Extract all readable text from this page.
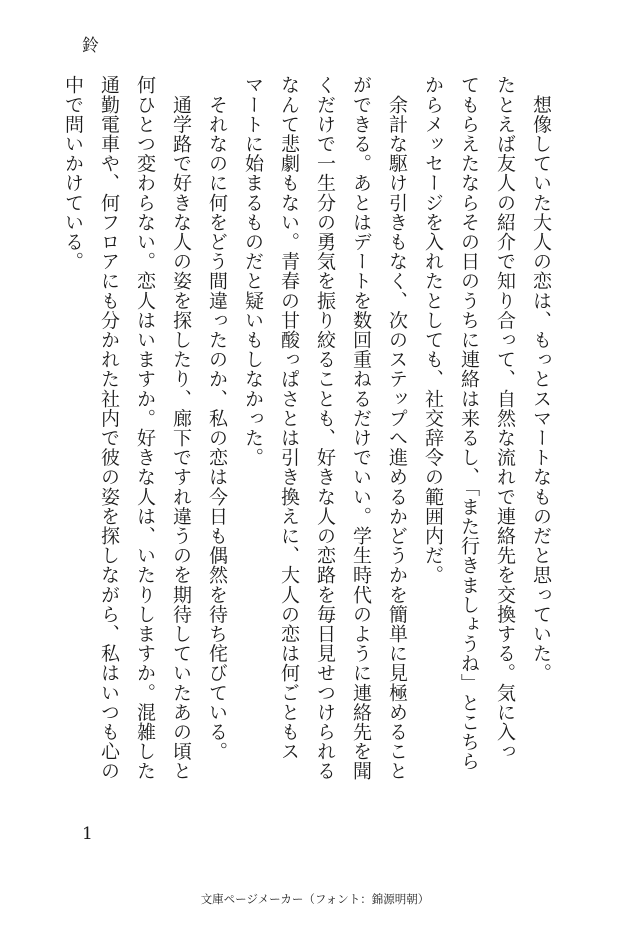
鈴
　想像していた大人の恋は、もっとスマートなものだと思っていた。
たとえば友人の紹介で知り合って、自然な流れで連絡先を交換する。気に入っ
てもらえたならその日のうちに連絡は来るし、「また行きましょうね」とこちら
からメッセージを入れたとしても、社交辞令の範囲内だ。
　余計な駆け引きもなく、次のステップへ進めるかどうかを簡単に見極めること
ができる。あとはデートを数回重ねるだけでいい。学生時代のように連絡先を聞
くだけで一生分の勇気を振り絞ることも、好きな人の恋路を毎日見せつけられる
なんて悲劇もない。青春の甘酸っぱさとは引き換えに、大人の恋は何ごともス
マートに始まるものだと疑いもしなかった。
　それなのに何をどう間違ったのか、私の恋は今日も偶然を待ち侘びている。
　通学路で好きな人の姿を探したり、廊下ですれ違うのを期待していたあの頃と
何ひとつ変わらない。恋人はいますか。好きな人は、いたりしますか。混雑した
通勤電車や、何フロアにも分かれた社内で彼の姿を探しながら、私はいつも心の
中で問いかけている。
1
文庫ページメーカー（フォント：錦源明朝）
